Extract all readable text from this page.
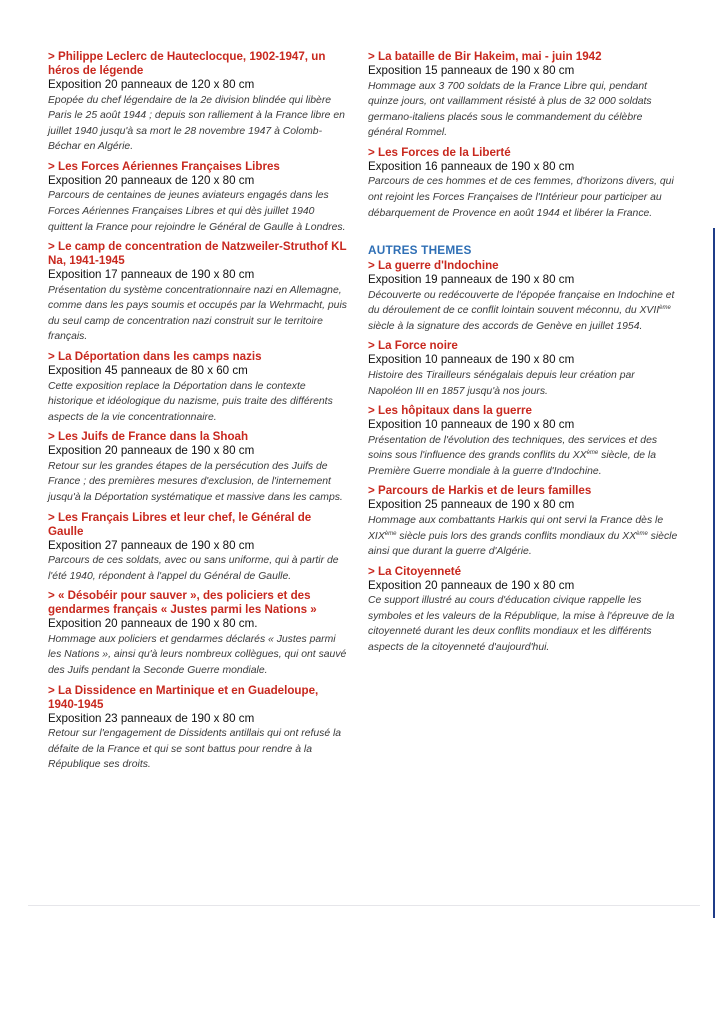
> Philippe Leclerc de Hauteclocque, 1902-1947, un héros de légende

Exposition 20 panneaux de 120 x 80 cm

Epopée du chef légendaire de la 2e division blindée qui libère Paris le 25 août 1944 ; depuis son ralliement à la France libre en juillet 1940 jusqu'à sa mort le 28 novembre 1947 à Colomb-Béchar en Algérie.

> Les Forces Aériennes Françaises Libres

Exposition 20 panneaux de 120 x 80 cm

Parcours de centaines de jeunes aviateurs engagés dans les Forces Aériennes Françaises Libres et qui dès juillet 1940 quittent la France pour rejoindre le Général de Gaulle à Londres.

> Le camp de concentration de Natzweiler-Struthof KL Na, 1941-1945

Exposition 17 panneaux de 190 x 80 cm

Présentation du système concentrationnaire nazi en Allemagne, comme dans les pays soumis et occupés par la Wehrmacht, puis du seul camp de concentration nazi construit sur le territoire français.

> La Déportation dans les camps nazis

Exposition 45 panneaux de 80 x 60 cm

Cette exposition replace la Déportation dans le contexte historique et idéologique du nazisme, puis traite des différents aspects de la vie concentrationnaire.

> Les Juifs de France dans la Shoah

Exposition 20 panneaux de 190 x 80 cm

Retour sur les grandes étapes de la persécution des Juifs de France ; des premières mesures d'exclusion, de l'internement jusqu'à la Déportation systématique et massive dans les camps.

> Les Français Libres et leur chef, le Général de Gaulle

Exposition 27 panneaux de 190 x 80 cm

Parcours de ces soldats, avec ou sans uniforme, qui à partir de l'été 1940, répondent à l'appel du Général de Gaulle.

> « Désobéir pour sauver », des policiers et des gendarmes français « Justes parmi les Nations »

Exposition 20 panneaux de 190 x 80 cm.

Hommage aux policiers et gendarmes déclarés « Justes parmi les Nations », ainsi qu'à leurs nombreux collègues, qui ont sauvé des Juifs pendant la Seconde Guerre mondiale.

> La Dissidence en Martinique et en Guadeloupe, 1940-1945

Exposition 23 panneaux de 190 x 80 cm

Retour sur l'engagement de Dissidents antillais qui ont refusé la défaite de la France et qui se sont battus pour rendre à la République ses droits.

> La bataille de Bir Hakeim, mai - juin 1942

Exposition 15 panneaux de 190 x 80 cm

Hommage aux 3 700 soldats de la France Libre qui, pendant quinze jours, ont vaillamment résisté à plus de 32 000 soldats germano-italiens placés sous le commandement du célèbre général Rommel.

> Les Forces de la Liberté

Exposition 16 panneaux de 190 x 80 cm

Parcours de ces hommes et de ces femmes, d'horizons divers, qui ont rejoint les Forces Françaises de l'Intérieur pour participer au débarquement de Provence en août 1944 et libérer la France.

AUTRES THEMES

> La guerre d'Indochine

Exposition 19 panneaux de 190 x 80 cm

Découverte ou redécouverte de l'épopée française en Indochine et du déroulement de ce conflit lointain souvent méconnu, du XVIIème siècle à la signature des accords de Genève en juillet 1954.

> La Force noire

Exposition 10 panneaux de 190 x 80 cm

Histoire des Tirailleurs sénégalais depuis leur création par Napoléon III en 1857 jusqu'à nos jours.

> Les hôpitaux dans la guerre

Exposition 10 panneaux de 190 x 80 cm

Présentation de l'évolution des techniques, des services et des soins sous l'influence des grands conflits du XXème siècle, de la Première Guerre mondiale à la guerre d'Indochine.

> Parcours de Harkis et de leurs familles

Exposition 25 panneaux de 190 x 80 cm

Hommage aux combattants Harkis qui ont servi la France dès le XIXème siècle puis lors des grands conflits mondiaux du XXème siècle ainsi que durant la guerre d'Algérie.

> La Citoyenneté

Exposition 20 panneaux de 190 x 80 cm

Ce support illustré au cours d'éducation civique rappelle les symboles et les valeurs de la République, la mise à l'épreuve de la citoyenneté durant les deux conflits mondiaux et les différents aspects de la citoyenneté d'aujourd'hui.
